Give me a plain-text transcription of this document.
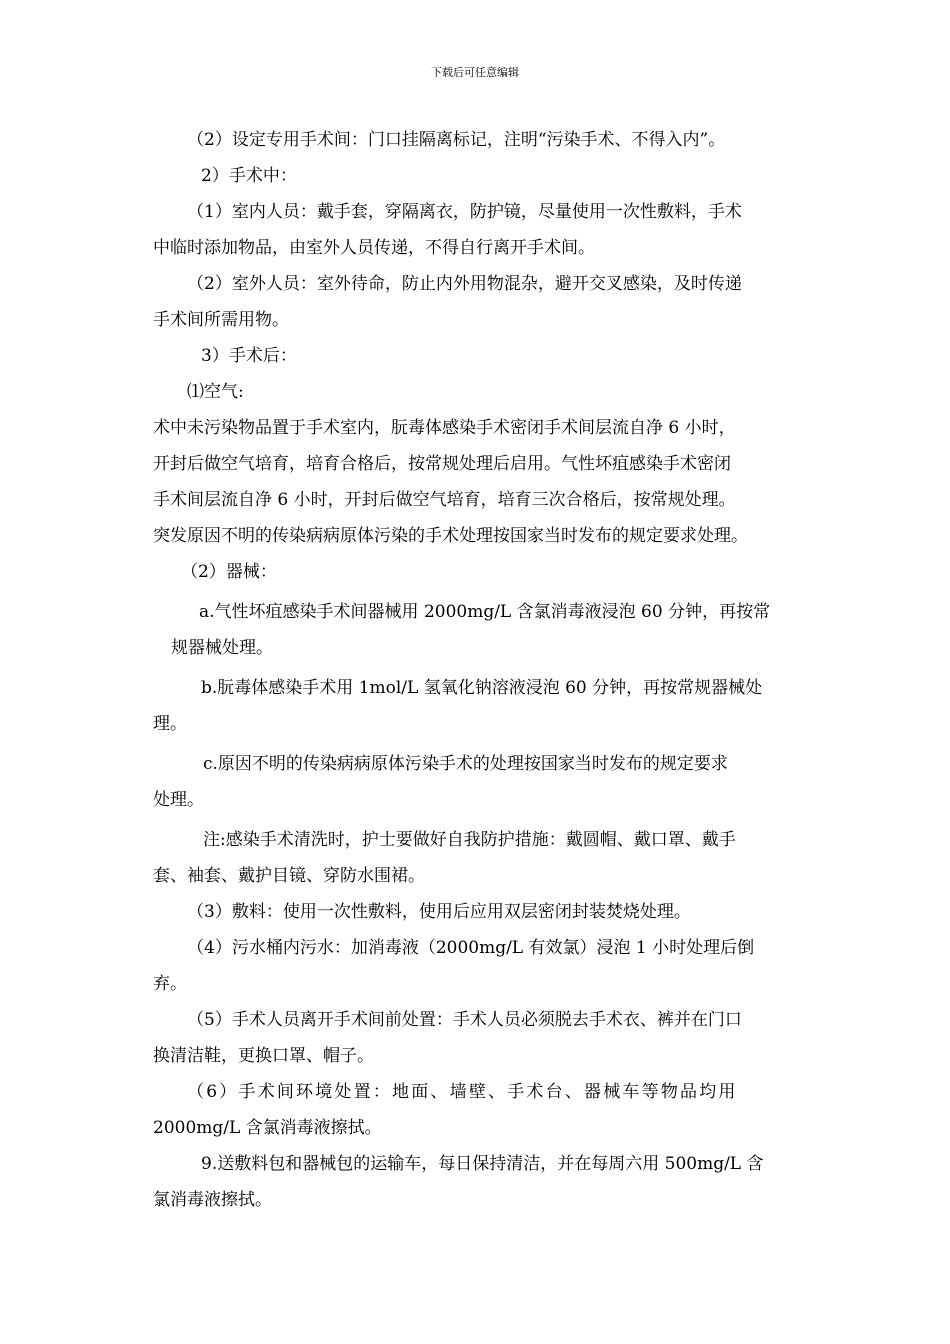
下载后可任意编辑

（2）设定专用手术间：门口挂隔离标记，注明“污染手术、不得入内”。

2）手术中：

（1）室内人员：戴手套，穿隔离衣，防护镜，尽量使用一次性敷料，手术

中临时添加物品，由室外人员传递，不得自行离开手术间。

（2）室外人员：室外待命，防止内外用物混杂，避开交叉感染，及时传递

手术间所需用物。

3）手术后：

⑴空气:

术中未污染物品置于手术室内，朊毒体感染手术密闭手术间层流自净 6 小时，

开封后做空气培育，培育合格后，按常规处理后启用。气性坏疽感染手术密闭

手术间层流自净 6 小时，开封后做空气培育，培育三次合格后，按常规处理。

突发原因不明的传染病病原体污染的手术处理按国家当时发布的规定要求处理。

（2）器械：

a.气性坏疽感染手术间器械用 2000mg/L 含氯消毒液浸泡 60 分钟，再按常

规器械处理。

b.朊毒体感染手术用 1mol/L 氢氧化钠溶液浸泡 60 分钟，再按常规器械处

理。

c.原因不明的传染病病原体污染手术的处理按国家当时发布的规定要求

处理。

注:感染手术清洗时，护士要做好自我防护措施：戴圆帽、戴口罩、戴手

套、袖套、戴护目镜、穿防水围裙。

（3）敷料：使用一次性敷料，使用后应用双层密闭封装焚烧处理。

（4）污水桶内污水：加消毒液（2000mg/L 有效氯）浸泡 1 小时处理后倒

弃。

（5）手术人员离开手术间前处置：手术人员必须脱去手术衣、裤并在门口

换清洁鞋，更换口罩、帽子。

（6）手术间环境处置：地面、墙壁、手术台、器械车等物品均用

2000mg/L 含氯消毒液擦拭。

9.送敷料包和器械包的运输车，每日保持清洁，并在每周六用 500mg/L 含

氯消毒液擦拭。
